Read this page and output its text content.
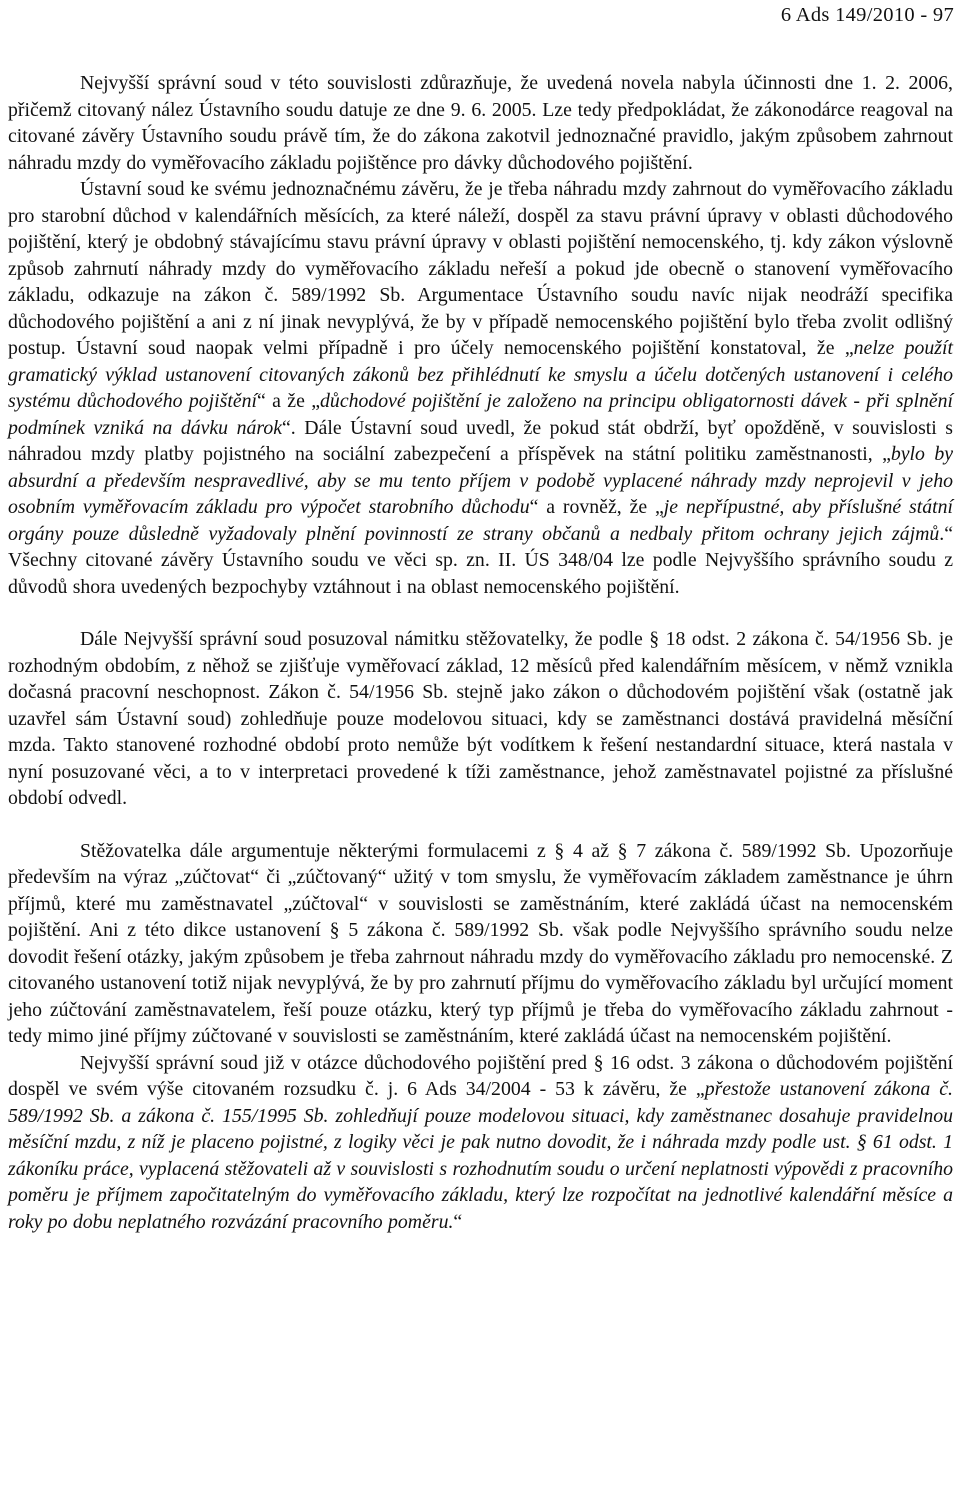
6 Ads 149/2010 - 97

Nejvyšší správní soud v této souvislosti zdůrazňuje, že uvedená novela nabyla účinnosti dne 1. 2. 2006, přičemž citovaný nález Ústavního soudu datuje ze dne 9. 6. 2005. Lze tedy předpokládat, že zákonodárce reagoval na citované závěry Ústavního soudu právě tím, že do zákona zakotvil jednoznačné pravidlo, jakým způsobem zahrnout náhradu mzdy do vyměřovacího základu pojištěnce pro dávky důchodového pojištění.

Ústavní soud ke svému jednoznačnému závěru, že je třeba náhradu mzdy zahrnout do vyměřovacího základu pro starobní důchod v kalendářních měsících, za které náleží, dospěl za stavu právní úpravy v oblasti důchodového pojištění, který je obdobný stávajícímu stavu právní úpravy v oblasti pojištění nemocenského, tj. kdy zákon výslovně způsob zahrnutí náhrady mzdy do vyměřovacího základu neřeší a pokud jde obecně o stanovení vyměřovacího základu, odkazuje na zákon č. 589/1992 Sb. Argumentace Ústavního soudu navíc nijak neodráží specifika důchodového pojištění a ani z ní jinak nevyplývá, že by v případě nemocenského pojištění bylo třeba zvolit odlišný postup. Ústavní soud naopak velmi případně i pro účely nemocenského pojištění konstatoval, že „nelze použít gramatický výklad ustanovení citovaných zákonů bez přihlédnutí ke smyslu a účelu dotčených ustanovení i celého systému důchodového pojištění“ a že „důchodové pojištění je založeno na principu obligatornosti dávek - při splnění podmínek vzniká na dávku nárok“. Dále Ústavní soud uvedl, že pokud stát obdrží, byť opožděně, v souvislosti s náhradou mzdy platby pojistného na sociální zabezpečení a příspěvek na státní politiku zaměstnanosti, „bylo by absurdní a především nespravedlivé, aby se mu tento příjem v podobě vyplacené náhrady mzdy neprojevil v jeho osobním vyměřovacím základu pro výpočet starobního důchodu“ a rovněž, že „je nepřípustné, aby příslušné státní orgány pouze důsledně vyžadovaly plnění povinností ze strany občanů a nedbaly přitom ochrany jejich zájmů.“ Všechny citované závěry Ústavního soudu ve věci sp. zn. II. ÚS 348/04 lze podle Nejvyššího správního soudu z důvodů shora uvedených bezpochyby vztáhnout i na oblast nemocenského pojištění.

Dále Nejvyšší správní soud posuzoval námitku stěžovatelky, že podle § 18 odst. 2 zákona č. 54/1956 Sb. je rozhodným obdobím, z něhož se zjišťuje vyměřovací základ, 12 měsíců před kalendářním měsícem, v němž vznikla dočasná pracovní neschopnost. Zákon č. 54/1956 Sb. stejně jako zákon o důchodovém pojištění však (ostatně jak uzavřel sám Ústavní soud) zohledňuje pouze modelovou situaci, kdy se zaměstnanci dostává pravidelná měsíční mzda. Takto stanovené rozhodné období proto nemůže být vodítkem k řešení nestandardní situace, která nastala v nyní posuzované věci, a to v interpretaci provedené k tíži zaměstnance, jehož zaměstnavatel pojistné za příslušné období odvedl.

Stěžovatelka dále argumentuje některými formulacemi z § 4 až § 7 zákona č. 589/1992 Sb. Upozorňuje především na výraz „zúčtovat“ či „zúčtovaný“ užitý v tom smyslu, že vyměřovacím základem zaměstnance je úhrn příjmů, které mu zaměstnavatel „zúčtoval“ v souvislosti se zaměstnáním, které zakládá účast na nemocenském pojištění. Ani z této dikce ustanovení § 5 zákona č. 589/1992 Sb. však podle Nejvyššího správního soudu nelze dovodit řešení otázky, jakým způsobem je třeba zahrnout náhradu mzdy do vyměřovacího základu pro nemocenské. Z citovaného ustanovení totiž nijak nevyplývá, že by pro zahrnutí příjmu do vyměřovacího základu byl určující moment jeho zúčtování zaměstnavatelem, řeší pouze otázku, který typ příjmů je třeba do vyměřovacího základu zahrnout - tedy mimo jiné příjmy zúčtované v souvislosti se zaměstnáním, které zakládá účast na nemocenském pojištění.

Nejvyšší správní soud již v otázce důchodového pojištění pred § 16 odst. 3 zákona o důchodovém pojištění dospěl ve svém výše citovaném rozsudku č. j. 6 Ads 34/2004 - 53 k závěru, že „přestože ustanovení zákona č. 589/1992 Sb. a zákona č. 155/1995 Sb. zohledňují pouze modelovou situaci, kdy zaměstnanec dosahuje pravidelnou měsíční mzdu, z níž je placeno pojistné, z logiky věci je pak nutno dovodit, že i náhrada mzdy podle ust. § 61 odst. 1 zákoníku práce, vyplacená stěžovateli až v souvislosti s rozhodnutím soudu o určení neplatnosti výpovědi z pracovního poměru je příjmem započitatelným do vyměřovacího základu, který lze rozpočítat na jednotlivé kalendářní měsíce a roky po dobu neplatného rozvázání pracovního poměru.“
